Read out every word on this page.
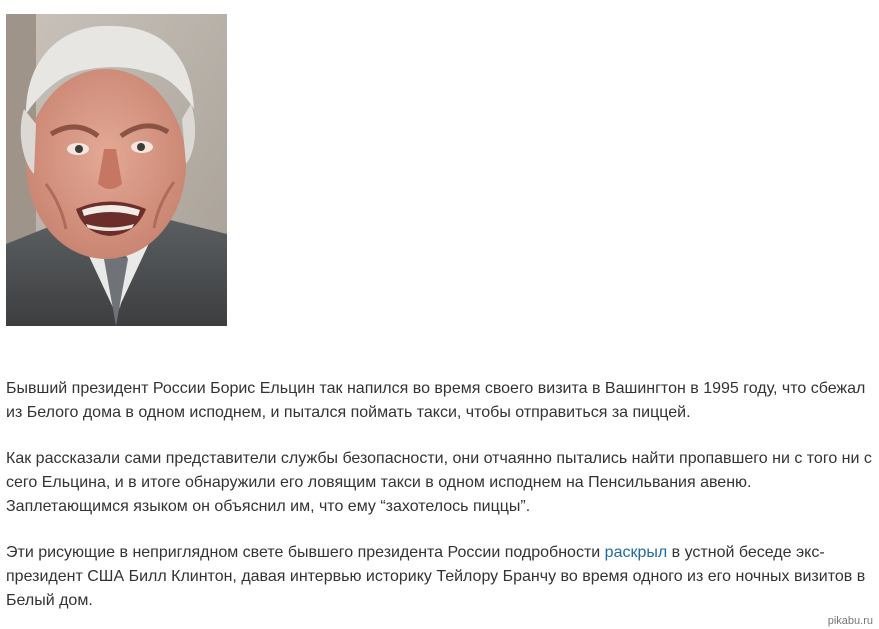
Бывший президент России Борис Ельцин так напился во время своего визита в Вашингтон в 1995 году, что сбежал из Белого дома в одном исподнем, и пытался поймать такси, чтобы отправиться за пиццей.

Как рассказали сами представители службы безопасности, они отчаянно пытались найти пропавшего ни с того ни с сего Ельцина, и в итоге обнаружили его ловящим такси в одном исподнем на Пенсильвания авеню. Заплетающимся языком он объяснил им, что ему “захотелось пиццы”.

Эти рисующие в неприглядном свете бывшего президента России подробности раскрыл в устной беседе экс-президент США Билл Клинтон, давая интервью историку Тейлору Бранчу во время одного из его ночных визитов в Белый дом.

pikabu.ru
